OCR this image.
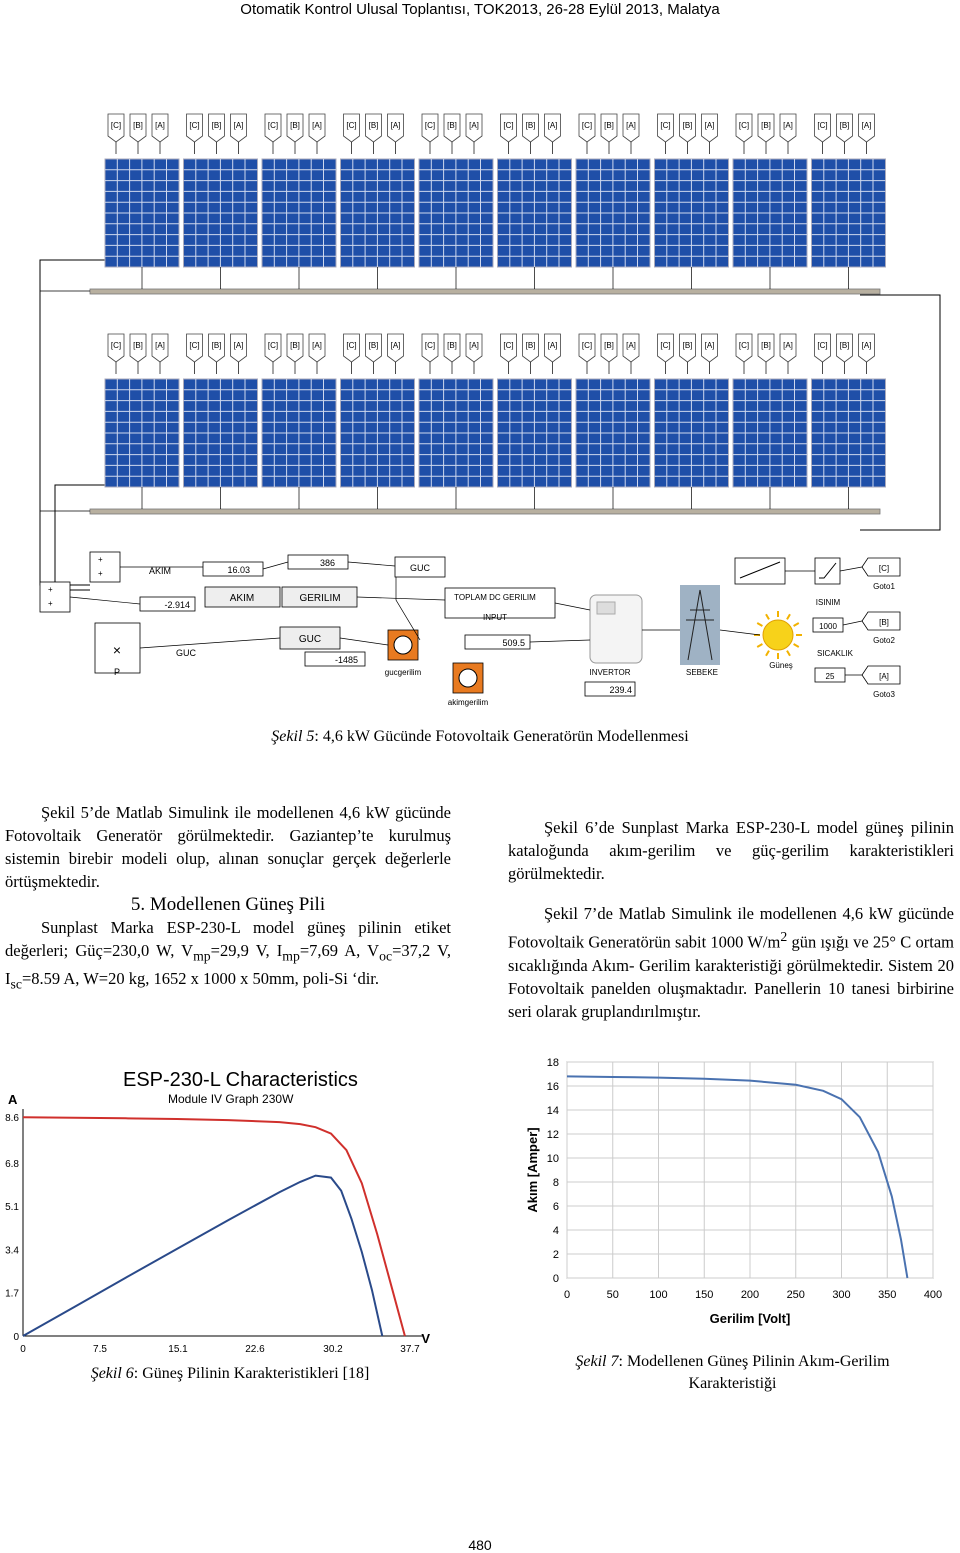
Otomatik Kontrol Ulusal Toplantısı, TOK2013, 26-28 Eylül 2013, Malatya
[C] [B] [A]	[C] [B] [A]	[C] [B] [A]	[C] [B] [A]	[C] [B] [A]	[C] [B] [A]	[C] [B] [A]	[C] [B] [A]	[C] [B] [A]	[C] [B] [A]
[C] [B] [A]	[C] [B] [A]	[C] [B] [A]	[C] [B] [A]	[C] [B] [A]	[C] [B] [A]	[C] [B] [A]	[C] [B] [A]	[C] [B] [A]	[C] [B] [A]
+
+
+
+
AKIM	16.03
386	GUC
-2.914
AKIM	GERILIM
×
P
GUC
GUC
-1485
gucgerilim
akimgerilim
TOPLAM DC GERILIM
INPUT
509.5
INVERTOR
239.4
SEBEKE
Güneş
ISINIM
1000
SICAKLIK
25
[C]
Goto1
[B]
Goto2
[A]
Goto3
Şekil 5: 4,6 kW Gücünde Fotovoltaik Generatörün Modellenmesi

Şekil 5’de Matlab Simulink ile modellenen 4,6 kW gücünde Fotovoltaik Generatör görülmektedir. Gaziantep’te kurulmuş sistemin birebir modeli olup, alınan sonuçlar gerçek değerlerle örtüşmektedir.

5. Modellenen Güneş Pili

Sunplast Marka ESP-230-L model güneş pilinin etiket değerleri; Güç=230,0 W, $V_{mp}=29,9$ V, $I_{mp}=7,69$ A, $V_{oc}=37,2$ V, $I_{sc}=8.59$ A, W=20 kg, 1652 x 1000 x 50mm, poli-Si ‘dir.

Şekil 6’de Sunplast Marka ESP-230-L model güneş pilinin kataloğunda akım-gerilim ve güç-gerilim karakteristikleri görülmektedir.

Şekil 7’de Matlab Simulink ile modellenen 4,6 kW gücünde Fotovoltaik Generatörün sabit 1000 $W/m^2$ gün ışığı ve 25° C ortam sıcaklığında Akım- Gerilim karakteristiği görülmektedir. Sistem 20 Fotovoltaik panelden oluşmaktadır. Panellerin 10 tanesi birbirine seri olarak gruplandırılmıştır.

0	7.5	15.1	22.6	30.2	37.7
0
1.7
3.4
5.1
6.8
8.6
ESP-230-L Characteristics
Module IV Graph 230W
A
V
0	50	100 150 200 250 300 350 400
0
2
4
6
8
10
12
14
16
18
Gerilim [Volt]
Akım [Amper]
Şekil 6: Güneş Pilinin Karakteristikleri [18]
Şekil 7: Modellenen Güneş Pilinin Akım-Gerilim
Karakteristiği
480
